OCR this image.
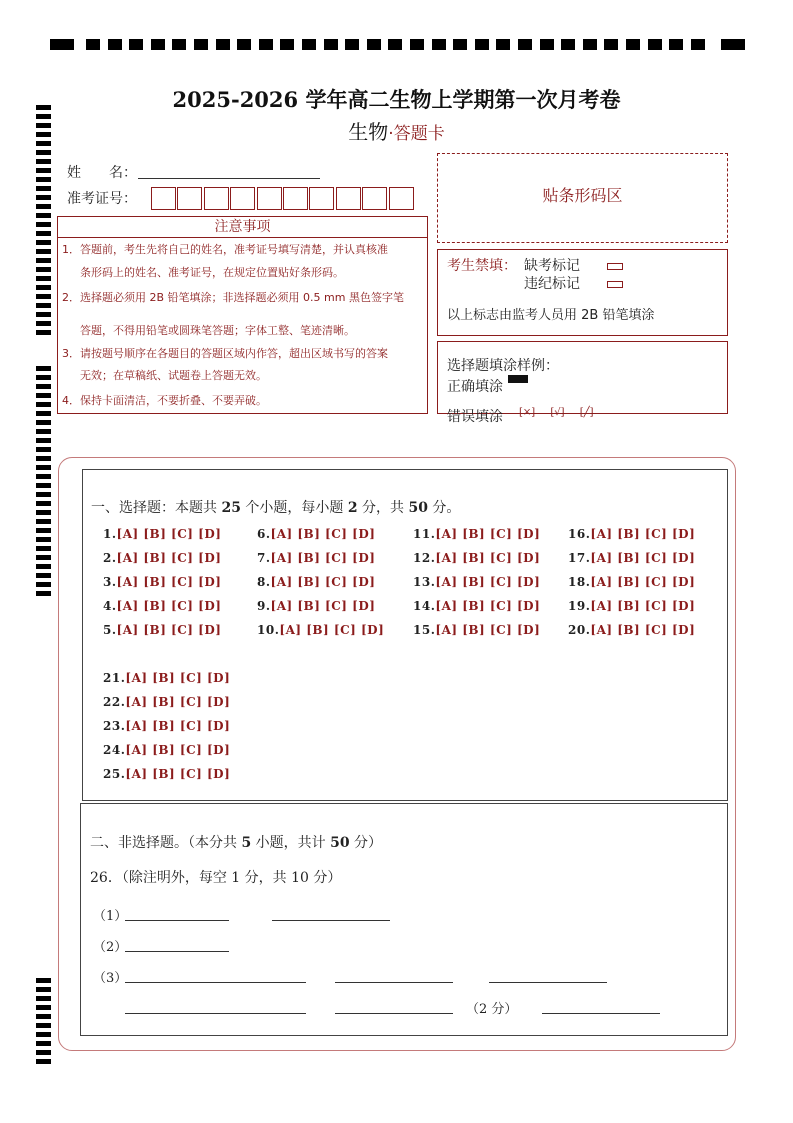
2025-2026 学年高二生物上学期第一次月考卷
生物·答题卡
姓　　名：
准考证号：	贴条形码区
注意事项
1．答题前，考生先将自己的姓名，准考证号填写清楚，并认真核准
条形码上的姓名、准考证号，在规定位置贴好条形码。
2．选择题必须用 2B 铅笔填涂；非选择题必须用 0.5 mm 黑色签字笔
答题，不得用铅笔或圆珠笔答题；字体工整、笔迹清晰。
3．请按题号顺序在各题目的答题区域内作答，超出区域书写的答案
无效；在草稿纸、试题卷上答题无效。
4．保持卡面清洁，不要折叠、不要弄破。
考生禁填： 缺考标记
违纪标记
以上标志由监考人员用 2B 铅笔填涂
选择题填涂样例：
正确填涂
错误填涂 [×] [√] [╱]
一、选择题：本题共 25 个小题，每小题 2 分，共 50 分。
1.[A] [B] [C] [D]
2.[A] [B] [C] [D]
3.[A] [B] [C] [D]
4.[A] [B] [C] [D]
5.[A] [B] [C] [D]
6.[A] [B] [C] [D]
7.[A] [B] [C] [D]
8.[A] [B] [C] [D]
9.[A] [B] [C] [D]
10.[A] [B] [C] [D]
11.[A] [B] [C] [D]
12.[A] [B] [C] [D]
13.[A] [B] [C] [D]
14.[A] [B] [C] [D]
15.[A] [B] [C] [D]
16.[A] [B] [C] [D]
17.[A] [B] [C] [D]
18.[A] [B] [C] [D]
19.[A] [B] [C] [D]
20.[A] [B] [C] [D]
21.[A] [B] [C] [D]
22.[A] [B] [C] [D]
23.[A] [B] [C] [D]
24.[A] [B] [C] [D]
25.[A] [B] [C] [D]
二、非选择题。（本分共 5 小题，共计 50 分）
26．（除注明外，每空 1 分，共 10 分）
（1）
（2）
（3）
（2 分）
